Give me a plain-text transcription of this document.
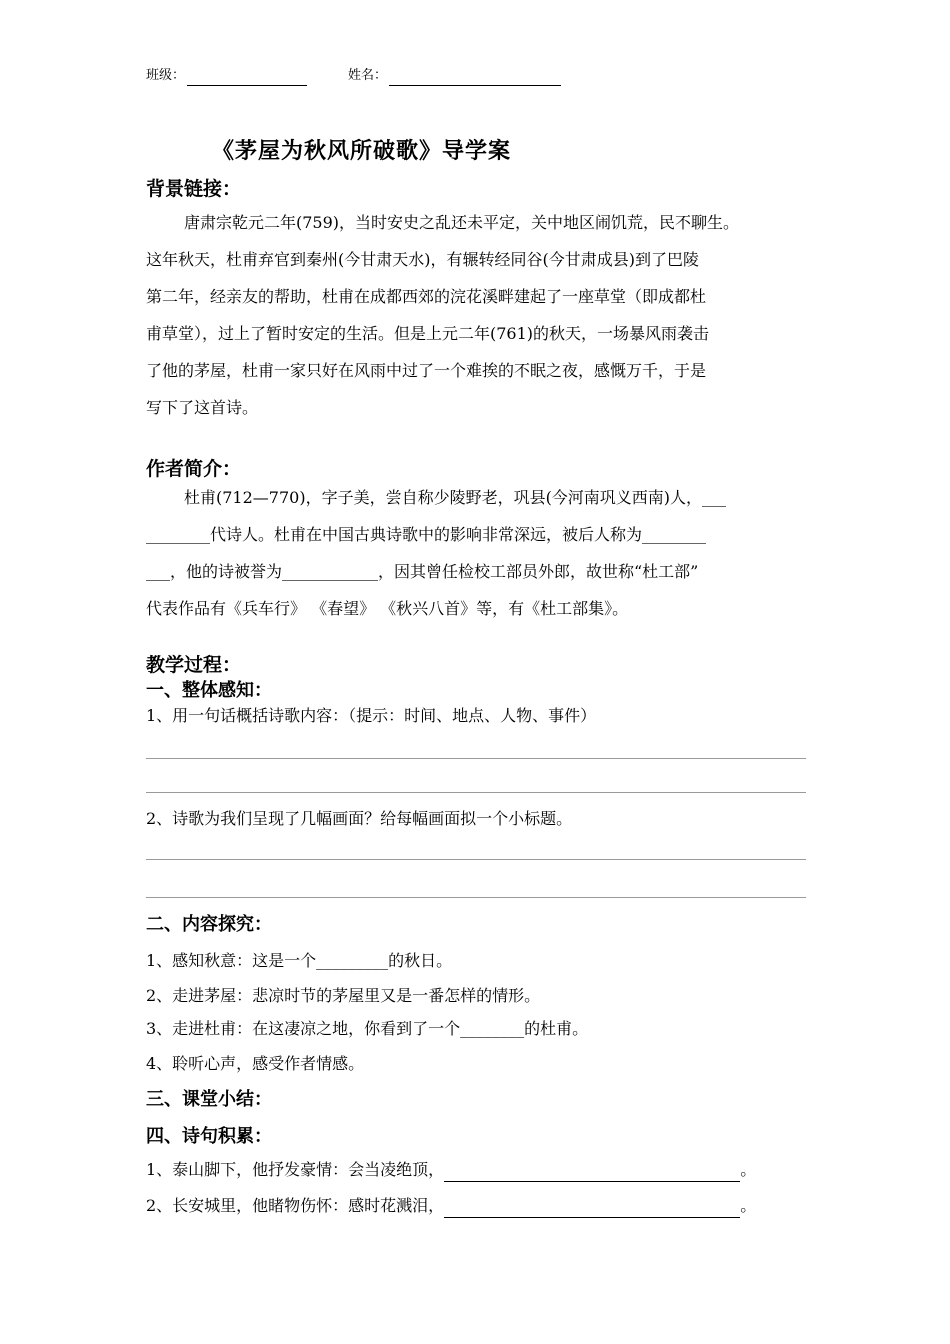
班级：	姓名：
《茅屋为秋风所破歌》导学案
背景链接：
唐肃宗乾元二年(759)，当时安史之乱还未平定，关中地区闹饥荒，民不聊生。
这年秋天，杜甫弃官到秦州(今甘肃天水)，有辗转经同谷(今甘肃成县)到了巴陵
第二年，经亲友的帮助，杜甫在成都西郊的浣花溪畔建起了一座草堂（即成都杜
甫草堂），过上了暂时安定的生活。但是上元二年(761)的秋天，一场暴风雨袭击
了他的茅屋，杜甫一家只好在风雨中过了一个难挨的不眠之夜，感慨万千，于是
写下了这首诗。
作者简介：
杜甫(712—770)，字子美，尝自称少陵野老，巩县(今河南巩义西南)人，___
________代诗人。杜甫在中国古典诗歌中的影响非常深远，被后人称为________
___，他的诗被誉为____________，因其曾任检校工部员外郎，故世称“杜工部”
代表作品有《兵车行》 《春望》 《秋兴八首》等，有《杜工部集》。
教学过程：
一、整体感知：
1、用一句话概括诗歌内容：（提示：时间、地点、人物、事件）
2、诗歌为我们呈现了几幅画面？给每幅画面拟一个小标题。
二、内容探究：
1、感知秋意：这是一个_________的秋日。
2、走进茅屋：悲凉时节的茅屋里又是一番怎样的情形。
3、走进杜甫：在这凄凉之地，你看到了一个________的杜甫。
4、聆听心声，感受作者情感。
三、课堂小结：
四、诗句积累：
1、泰山脚下，他抒发豪情：会当凌绝顶，	。
2、长安城里，他睹物伤怀：感时花溅泪，	。
